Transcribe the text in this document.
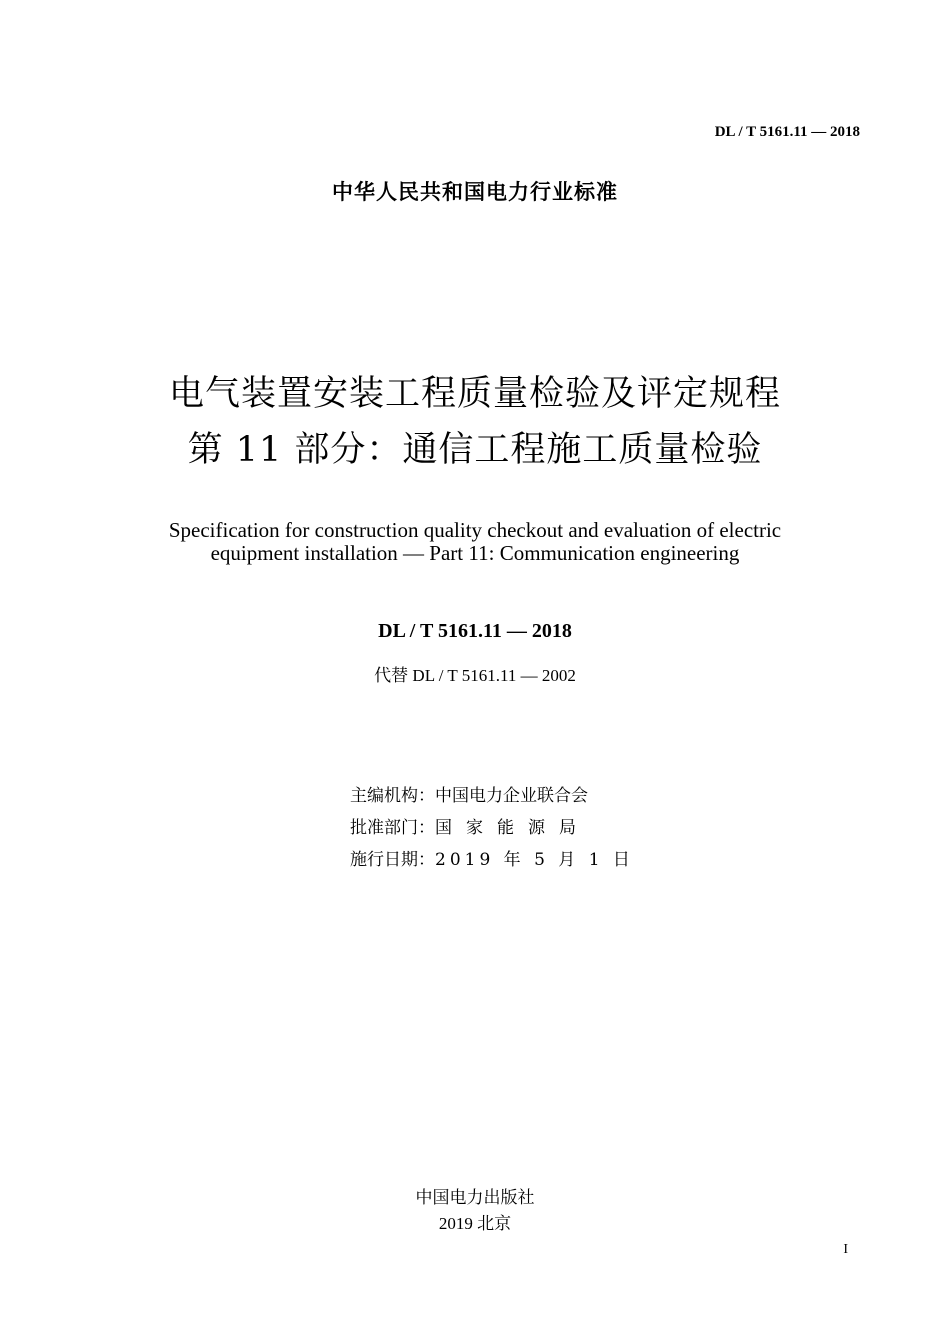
DL / T 5161.11 — 2018
中华人民共和国电力行业标准
电气装置安装工程质量检验及评定规程
第 11 部分：通信工程施工质量检验
Specification for construction quality checkout and evaluation of electric
equipment installation — Part 11: Communication engineering
DL / T 5161.11 — 2018
代替 DL / T 5161.11 — 2002
主编机构：中国电力企业联合会
批准部门：国家能源局
施行日期：2019 年 5 月 1 日
中国电力出版社
2019 北京
I
